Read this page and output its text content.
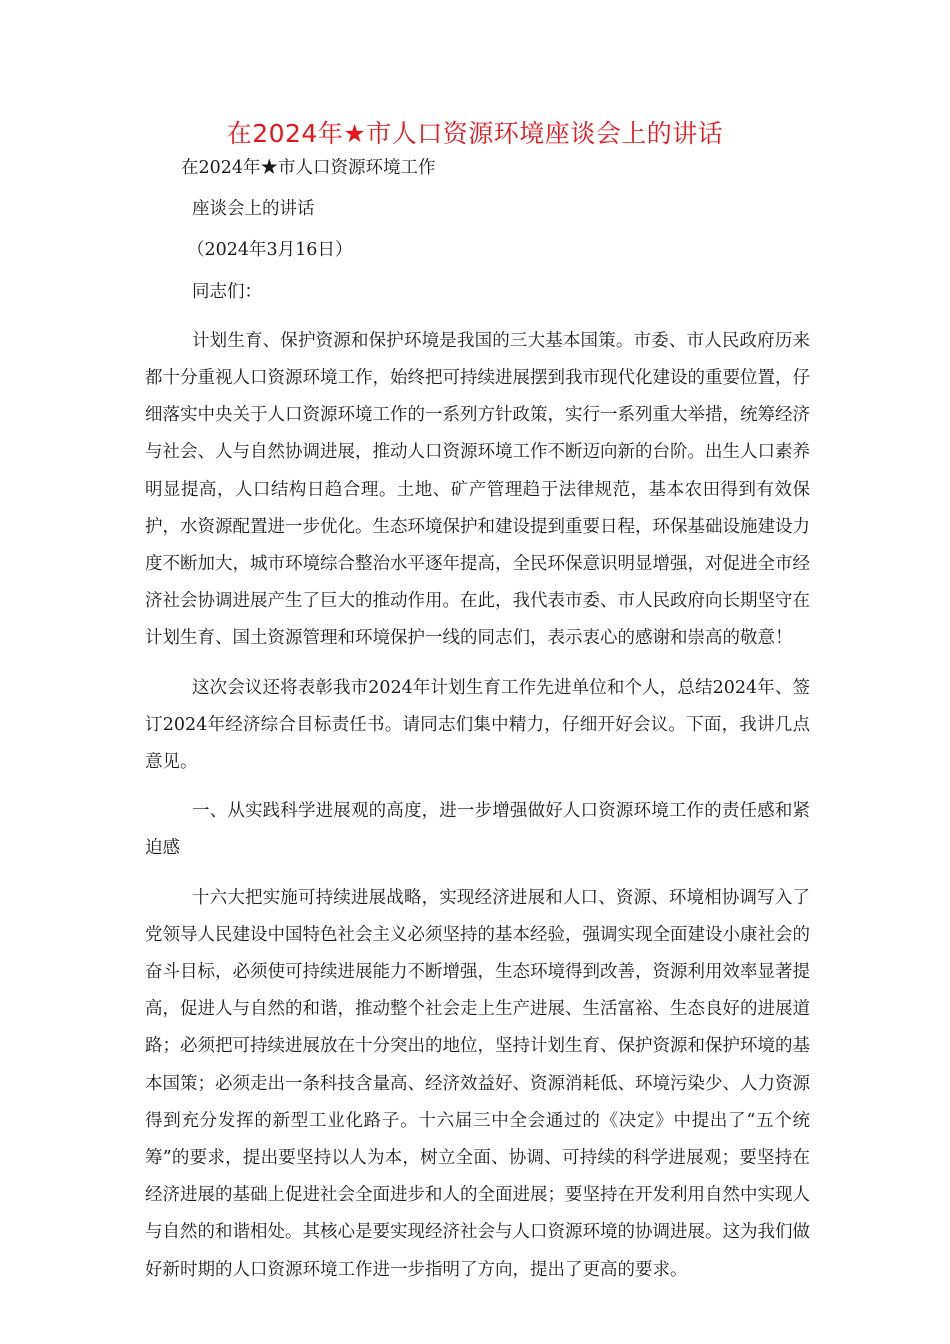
在2024年★市人口资源环境座谈会上的讲话

在2024年★市人口资源环境工作

座谈会上的讲话

（2024年3月16日）

同志们：

计划生育、保护资源和保护环境是我国的三大基本国策。市委、市人民政府历来都十分重视人口资源环境工作，始终把可持续进展摆到我市现代化建设的重要位置，仔细落实中央关于人口资源环境工作的一系列方针政策，实行一系列重大举措，统筹经济与社会、人与自然协调进展，推动人口资源环境工作不断迈向新的台阶。出生人口素养明显提高，人口结构日趋合理。土地、矿产管理趋于法律规范，基本农田得到有效保护，水资源配置进一步优化。生态环境保护和建设提到重要日程，环保基础设施建设力度不断加大，城市环境综合整治水平逐年提高，全民环保意识明显增强，对促进全市经济社会协调进展产生了巨大的推动作用。在此，我代表市委、市人民政府向长期坚守在计划生育、国土资源管理和环境保护一线的同志们，表示衷心的感谢和崇高的敬意！

这次会议还将表彰我市2024年计划生育工作先进单位和个人，总结2024年、签订2024年经济综合目标责任书。请同志们集中精力，仔细开好会议。下面，我讲几点意见。

一、从实践科学进展观的高度，进一步增强做好人口资源环境工作的责任感和紧迫感

十六大把实施可持续进展战略，实现经济进展和人口、资源、环境相协调写入了党领导人民建设中国特色社会主义必须坚持的基本经验，强调实现全面建设小康社会的奋斗目标，必须使可持续进展能力不断增强，生态环境得到改善，资源利用效率显著提高，促进人与自然的和谐，推动整个社会走上生产进展、生活富裕、生态良好的进展道路；必须把可持续进展放在十分突出的地位，坚持计划生育、保护资源和保护环境的基本国策；必须走出一条科技含量高、经济效益好、资源消耗低、环境污染少、人力资源得到充分发挥的新型工业化路子。十六届三中全会通过的《决定》中提出了“五个统筹”的要求，提出要坚持以人为本，树立全面、协调、可持续的科学进展观；要坚持在经济进展的基础上促进社会全面进步和人的全面进展；要坚持在开发利用自然中实现人与自然的和谐相处。其核心是要实现经济社会与人口资源环境的协调进展。这为我们做好新时期的人口资源环境工作进一步指明了方向，提出了更高的要求。
